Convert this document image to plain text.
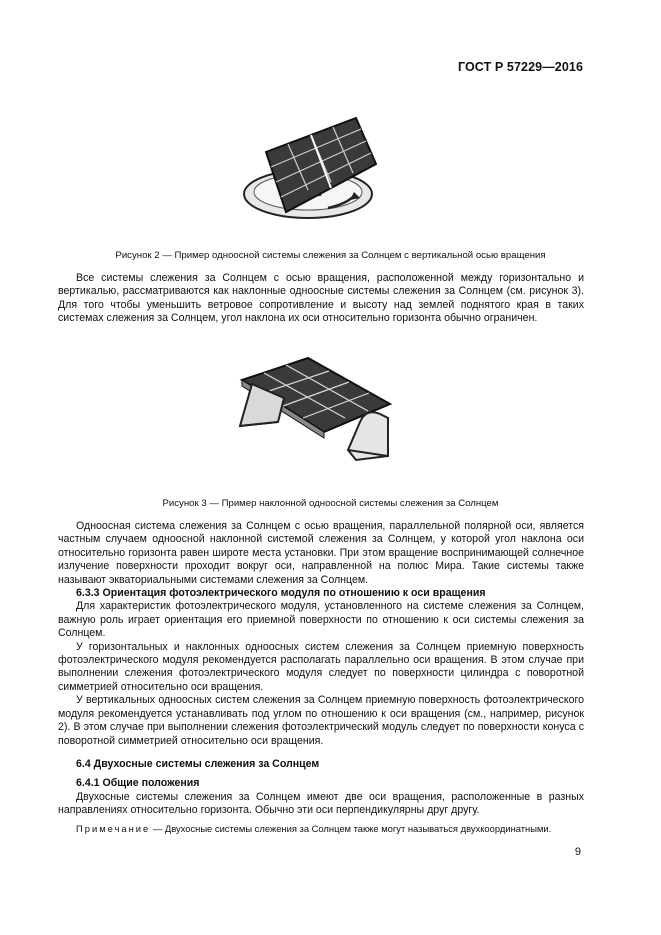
ГОСТ Р 57229—2016
Рисунок 2 — Пример одноосной системы слежения за Солнцем с вертикальной осью вращения

Все системы слежения за Солнцем с осью вращения, расположенной между горизонтально и вертикалью, рассматриваются как наклонные одноосные системы слежения за Солнцем (см. рисунок 3). Для того чтобы уменьшить ветровое сопротивление и высоту над землей поднятого края в таких системах слежения за Солнцем, угол наклона их оси относительно горизонта обычно ограничен.

Рисунок 3 — Пример наклонной одноосной системы слежения за Солнцем

Одноосная система слежения за Солнцем с осью вращения, параллельной полярной оси, является частным случаем одноосной наклонной системой слежения за Солнцем, у которой угол наклона оси относительно горизонта равен широте места установки. При этом вращение воспринимающей солнечное излучение поверхности проходит вокруг оси, направленной на полюс Мира. Такие системы также называют экваториальными системами слежения за Солнцем.

6.3.3 Ориентация фотоэлектрического модуля по отношению к оси вращения

Для характеристик фотоэлектрического модуля, установленного на системе слежения за Солнцем, важную роль играет ориентация его приемной поверхности по отношению к оси системы слежения за Солнцем.

У горизонтальных и наклонных одноосных систем слежения за Солнцем приемную поверхность фотоэлектрического модуля рекомендуется располагать параллельно оси вращения. В этом случае при выполнении слежения фотоэлектрического модуля следует по поверхности цилиндра с поворотной симметрией относительно оси вращения.

У вертикальных одноосных систем слежения за Солнцем приемную поверхность фотоэлектрического модуля рекомендуется устанавливать под углом по отношению к оси вращения (см., например, рисунок 2). В этом случае при выполнении слежения фотоэлектрический модуль следует по поверхности конуса с поворотной симметрией относительно оси вращения.

6.4 Двухосные системы слежения за Солнцем
6.4.1 Общие положения

Двухосные системы слежения за Солнцем имеют две оси вращения, расположенные в разных направлениях относительно горизонта. Обычно эти оси перпендикулярны друг другу.

Примечание — Двухосные системы слежения за Солнцем также могут называться двухкоординатными.

9
